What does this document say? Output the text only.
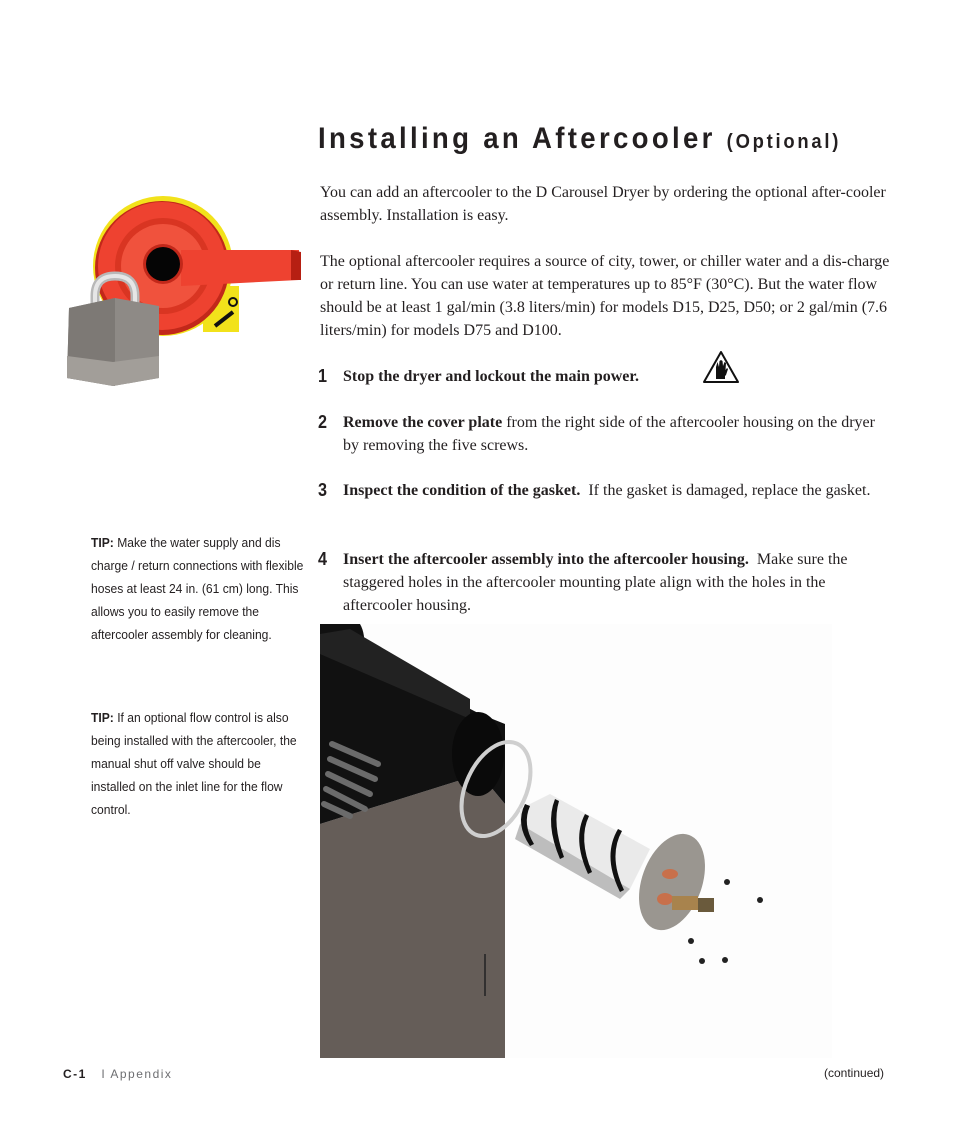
Installing an Aftercooler (Optional)
You can add an aftercooler to the D Carousel Dryer by ordering the optional after-cooler assembly. Installation is easy.
The optional aftercooler requires a source of city, tower, or chiller water and a dis-charge or return line. You can use water at temperatures up to 85°F (30°C). But the water flow should be at least 1 gal/min (3.8 liters/min) for models D15, D25, D50; or 2 gal/min (7.6 liters/min) for models D75 and D100.
1 Stop the dryer and lockout the main power.
2 Remove the cover plate from the right side of the aftercooler housing on the dryer by removing the five screws.
3 Inspect the condition of the gasket.  If the gasket is damaged, replace the gasket.
4 Insert the aftercooler assembly into the aftercooler housing.  Make sure the staggered holes in the aftercooler mounting plate align with the holes in the aftercooler housing.
TIP: Make the water supply and dis charge / return connections with flexible hoses at least 24 in. (61 cm) long. This allows you to easily remove the aftercooler assembly for cleaning.
TIP: If an optional flow control is also being installed with the aftercooler, the manual shut off valve should be installed on the inlet line for the flow control.
C-1 I Appendix	(continued)
